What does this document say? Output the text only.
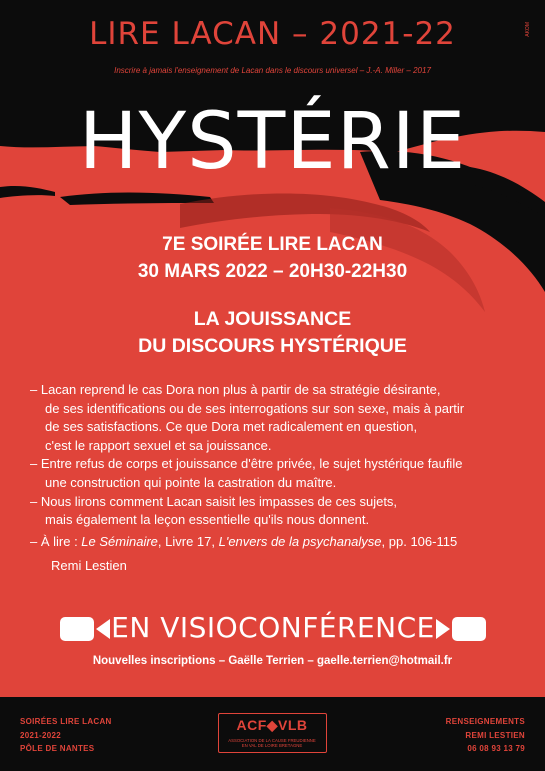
LIRE LACAN – 2021-22
Inscrire à jamais l'enseignement de Lacan dans le discours universel – J.-A. Miller – 2017
AKOM
HYSTÉRIE
7E SOIRÉE LIRE LACAN
30 MARS 2022 – 20H30-22H30
LA JOUISSANCE
DU DISCOURS HYSTÉRIQUE
– Lacan reprend le cas Dora non plus à partir de sa stratégie désirante,
de ses identifications ou de ses interrogations sur son sexe, mais à partir
de ses satisfactions. Ce que Dora met radicalement en question,
c'est le rapport sexuel et sa jouissance.
– Entre refus de corps et jouissance d'être privée, le sujet hystérique faufile
une construction qui pointe la castration du maître.
– Nous lirons comment Lacan saisit les impasses de ces sujets,
mais également la leçon essentielle qu'ils nous donnent.
– À lire : Le Séminaire, Livre 17, L'envers de la psychanalyse, pp. 106-115
Remi Lestien
EN VISIOCONFÉRENCE
Nouvelles inscriptions – Gaëlle Terrien – gaelle.terrien@hotmail.fr
SOIRÉES LIRE LACAN
2021-2022
PÔLE DE NANTES
ACF◆VLB
ASSOCIATION DE LA CAUSE FREUDIENNE
EN VAL DE LOIRE BRETAGNE
RENSEIGNEMENTS
REMI LESTIEN
06 08 93 13 79
